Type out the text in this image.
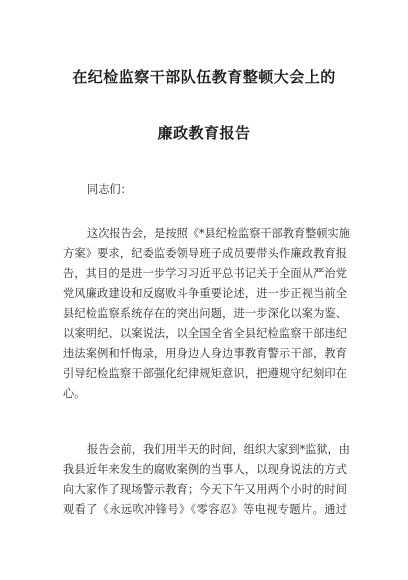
在纪检监察干部队伍教育整顿大会上的
廉政教育报告
同志们：
这次报告会，是按照《*县纪检监察干部教育整顿实施
方案》要求，纪委监委领导班子成员要带头作廉政教育报
告，其目的是进一步学习习近平总书记关于全面从严治党
党风廉政建设和反腐败斗争重要论述，进一步正视当前全
县纪检监察系统存在的突出问题，进一步深化以案为鉴、
以案明纪、以案说法，以全国全省全县纪检监察干部违纪
违法案例和忏悔录，用身边人身边事教育警示干部，教育
引导纪检监察干部强化纪律规矩意识，把遵规守纪刻印在
心。
报告会前，我们用半天的时间，组织大家到*监狱，由
我县近年来发生的腐败案例的当事人，以现身说法的方式
向大家作了现场警示教育；今天下午又用两个小时的时间
观看了《永远吹冲锋号》《零容忍》等电视专题片。通过
